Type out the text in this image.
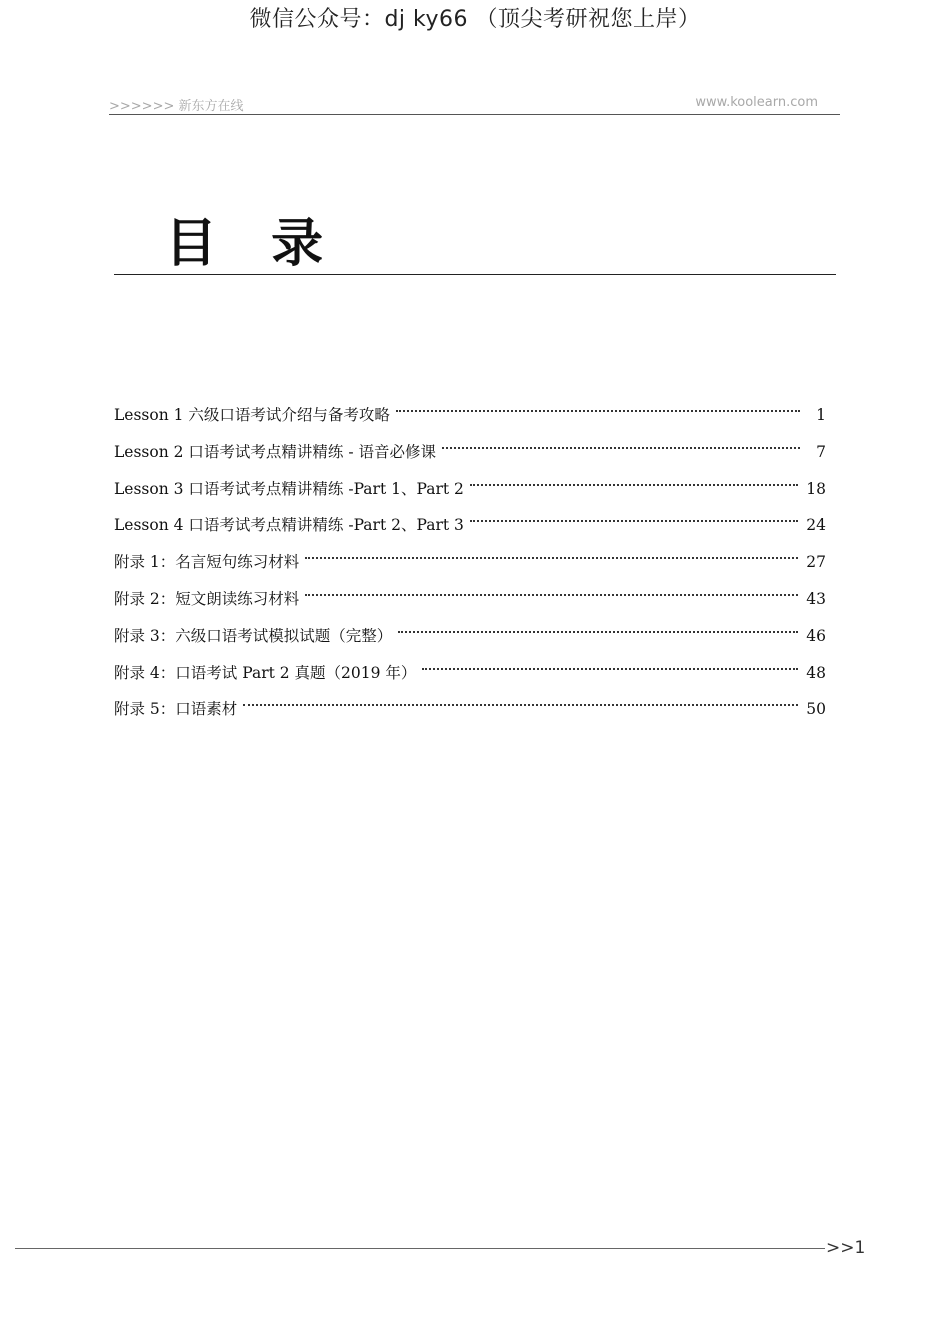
微信公众号：dj ky66 （顶尖考研祝您上岸）
>>>>>> 新东方在线	www.koolearn.com
目 录
Lesson 1 六级口语考试介绍与备考攻略	1
Lesson 2 口语考试考点精讲精练 - 语音必修课	7
Lesson 3 口语考试考点精讲精练 -Part 1、Part 2	18
Lesson 4 口语考试考点精讲精练 -Part 2、Part 3	24
附录 1：名言短句练习材料	27
附录 2：短文朗读练习材料	43
附录 3：六级口语考试模拟试题（完整）	46
附录 4：口语考试 Part 2 真题（2019 年）	48
附录 5：口语素材	50
>>1
